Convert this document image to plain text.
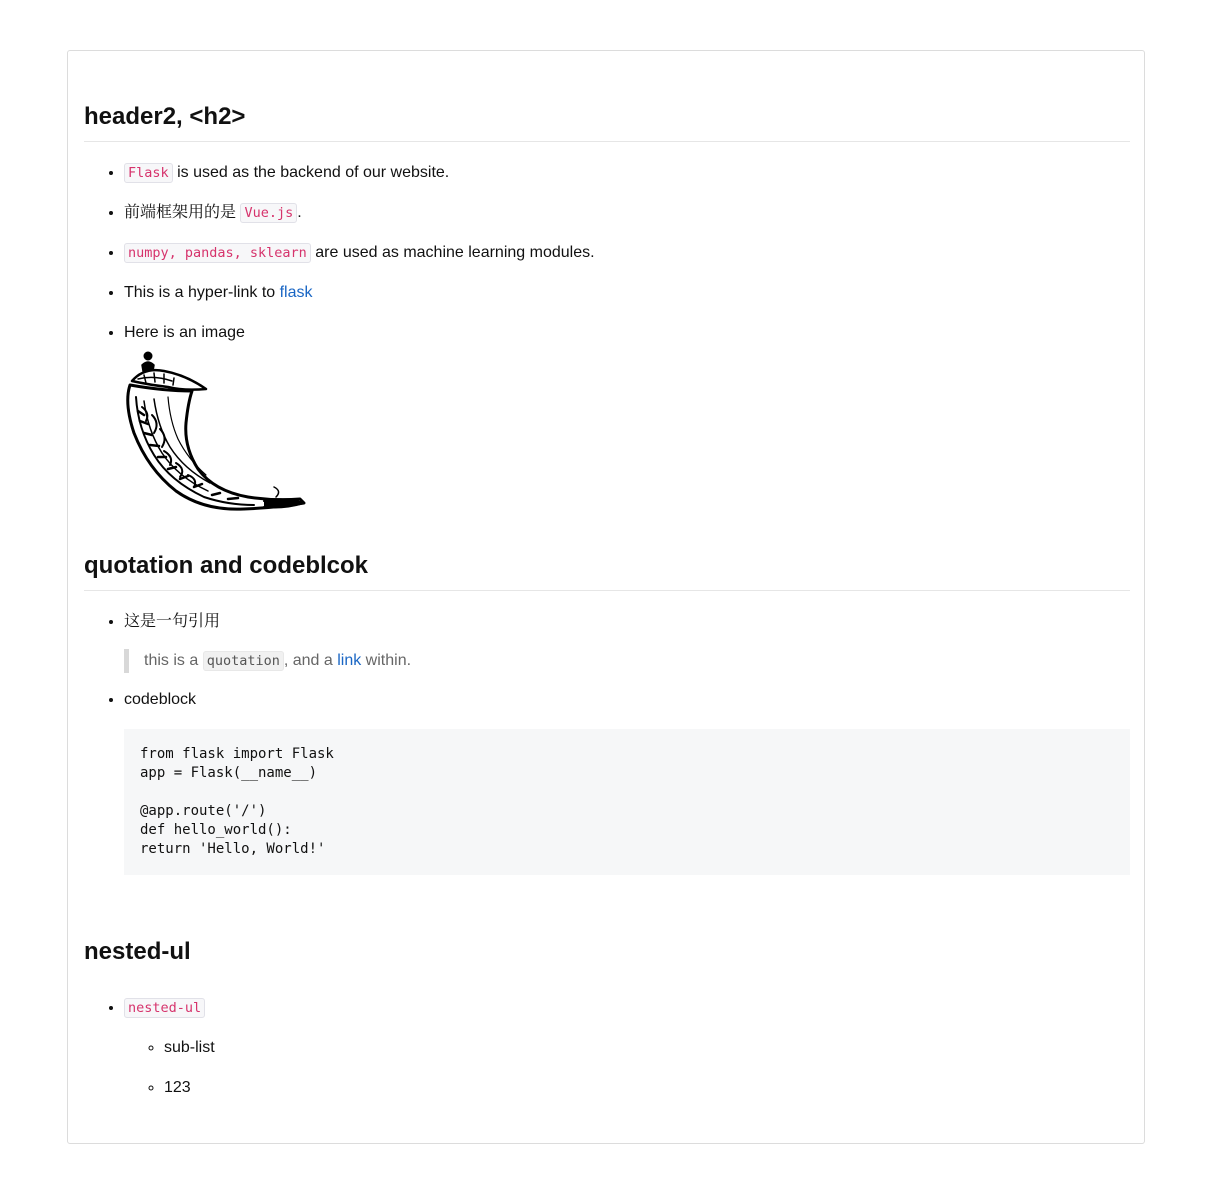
header2, <h2>
• Flask is used as the backend of our website.
• 前端框架用的是 Vue.js .
• numpy, pandas, sklearn are used as machine learning modules.
• This is a hyper-link to flask
• Here is an image
quotation and codeblcok
• 这是一句引用
this is a quotation , and a link within.
• codeblock
from flask import Flask
app = Flask(__name__)

@app.route('/')
def hello_world():
return 'Hello, World!'
nested-ul
• nested-ul
◦ sub-list
◦ 123
